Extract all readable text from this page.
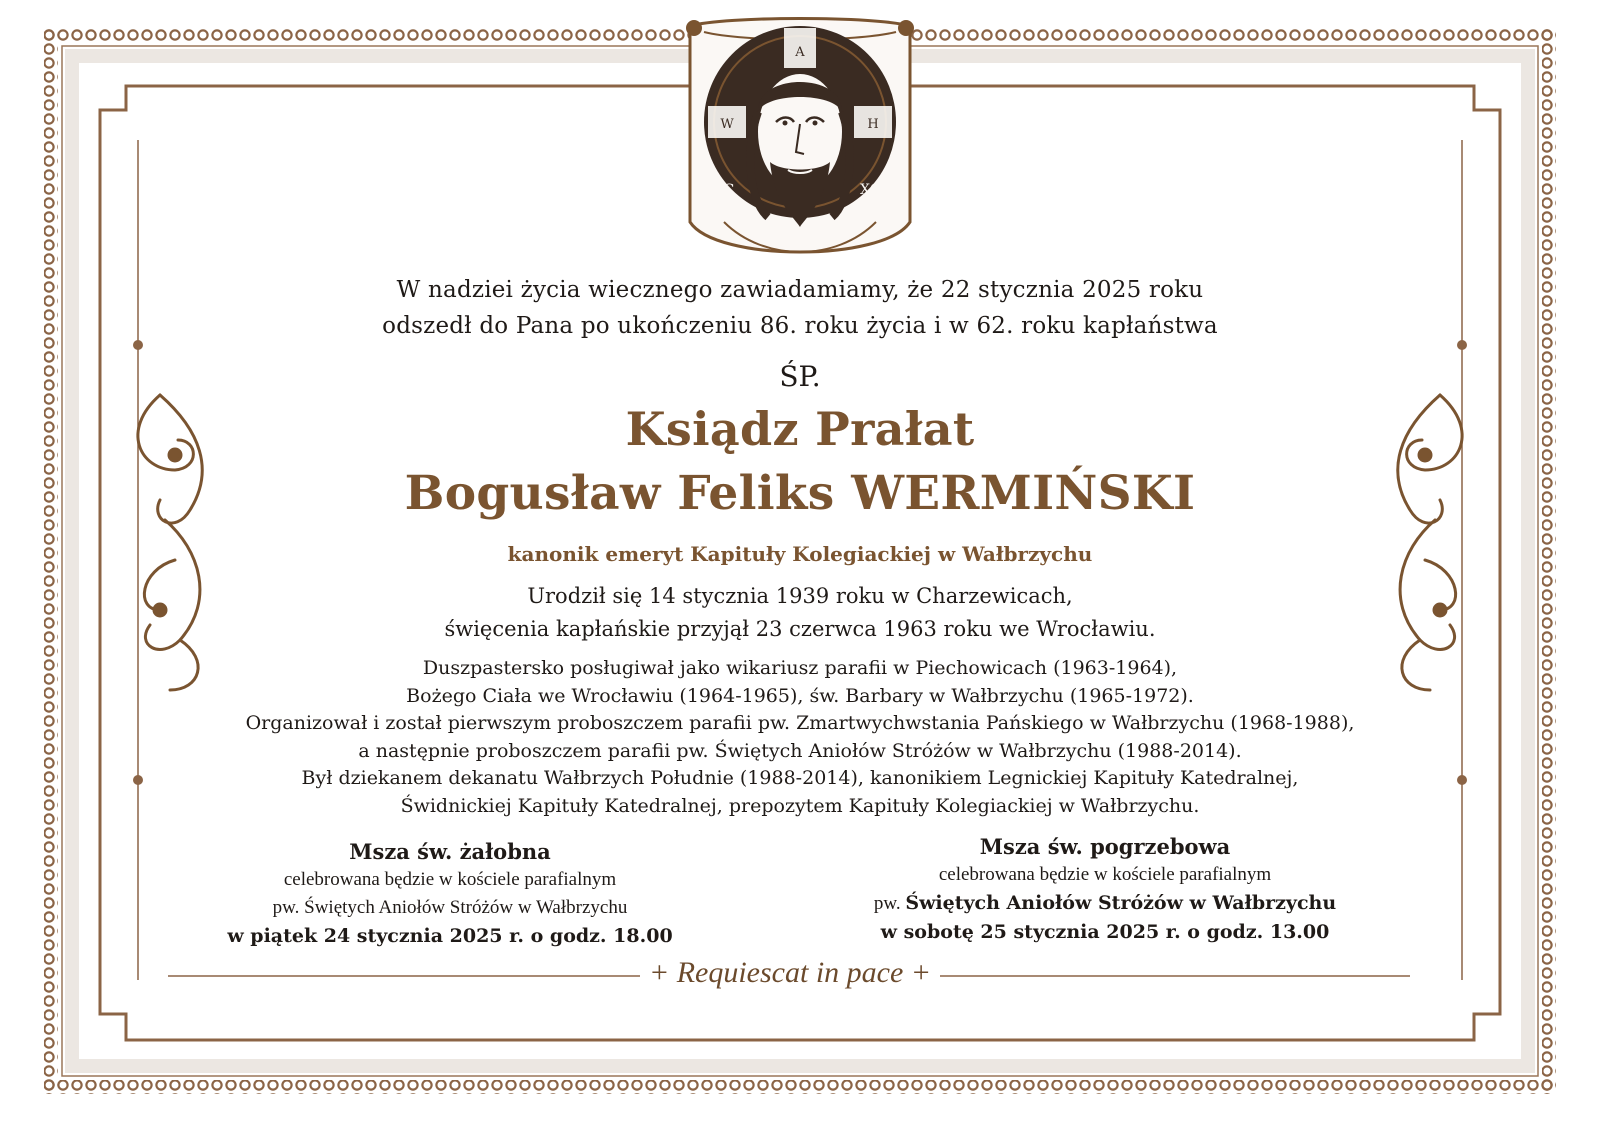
A
W	H
IC	XC
W nadziei życia wiecznego zawiadamiamy, że 22 stycznia 2025 roku
odszedł do Pana po ukończeniu 86. roku życia i w 62. roku kapłaństwa
ŚP.
Ksiądz Prałat
Bogusław Feliks WERMIŃSKI
kanonik emeryt Kapituły Kolegiackiej w Wałbrzychu
Urodził się 14 stycznia 1939 roku w Charzewicach,
święcenia kapłańskie przyjął 23 czerwca 1963 roku we Wrocławiu.
Duszpastersko posługiwał jako wikariusz parafii w Piechowicach (1963-1964),
Bożego Ciała we Wrocławiu (1964-1965), św. Barbary w Wałbrzychu (1965-1972).
Organizował i został pierwszym proboszczem parafii pw. Zmartwychwstania Pańskiego w Wałbrzychu (1968-1988),
a następnie proboszczem parafii pw. Świętych Aniołów Stróżów w Wałbrzychu (1988-2014).
Był dziekanem dekanatu Wałbrzych Południe (1988-2014), kanonikiem Legnickiej Kapituły Katedralnej,
Świdnickiej Kapituły Katedralnej, prepozytem Kapituły Kolegiackiej w Wałbrzychu.
Msza św. żałobna
celebrowana będzie w kościele parafialnym
pw. Świętych Aniołów Stróżów w Wałbrzychu
w piątek 24 stycznia 2025 r. o godz. 18.00
Msza św. pogrzebowa
celebrowana będzie w kościele parafialnym
pw. Świętych Aniołów Stróżów w Wałbrzychu
w sobotę 25 stycznia 2025 r. o godz. 13.00
+ Requiescat in pace +
